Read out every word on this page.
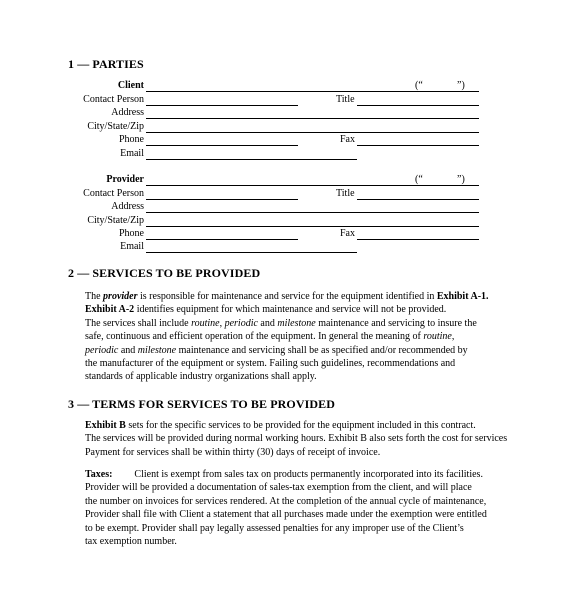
1 — PARTIES
Client	(“	”)
Contact Person	Title
Address
City/State/Zip
Phone	Fax
Email
Provider	(“	”)
Contact Person	Title
Address
City/State/Zip
Phone	Fax
Email
2 — SERVICES TO BE PROVIDED
The provider is responsible for maintenance and service for the equipment identified in Exhibit A-1.
Exhibit A-2 identifies equipment for which maintenance and service will not be provided.
The services shall include routine, periodic and milestone maintenance and servicing to insure the
safe, continuous and efficient operation of the equipment. In general the meaning of routine,
periodic and milestone maintenance and servicing shall be as specified and/or recommended by
the manufacturer of the equipment or system. Failing such guidelines, recommendations and
standards of applicable industry organizations shall apply.
3 — TERMS FOR SERVICES TO BE PROVIDED
Exhibit B sets for the specific services to be provided for the equipment included in this contract.
The services will be provided during normal working hours. Exhibit B also sets forth the cost for services
Payment for services shall be within thirty (30) days of receipt of invoice.
Taxes: Client is exempt from sales tax on products permanently incorporated into its facilities.
Provider will be provided a documentation of sales-tax exemption from the client, and will place
the number on invoices for services rendered. At the completion of the annual cycle of maintenance,
Provider shall file with Client a statement that all purchases made under the exemption were entitled
to be exempt. Provider shall pay legally assessed penalties for any improper use of the Client’s
tax exemption number.
